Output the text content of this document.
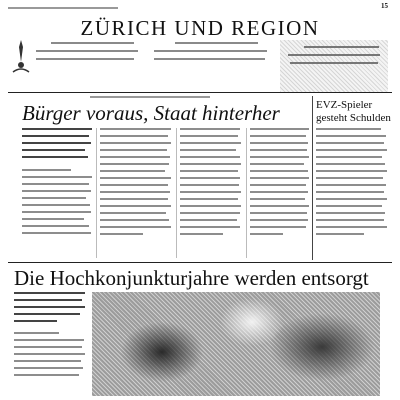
15
ZÜRICH UND REGION
Bürger voraus, Staat hinterher	EVZ-Spieler gesteht Schulden
Die Hochkonjunkturjahre werden entsorgt
